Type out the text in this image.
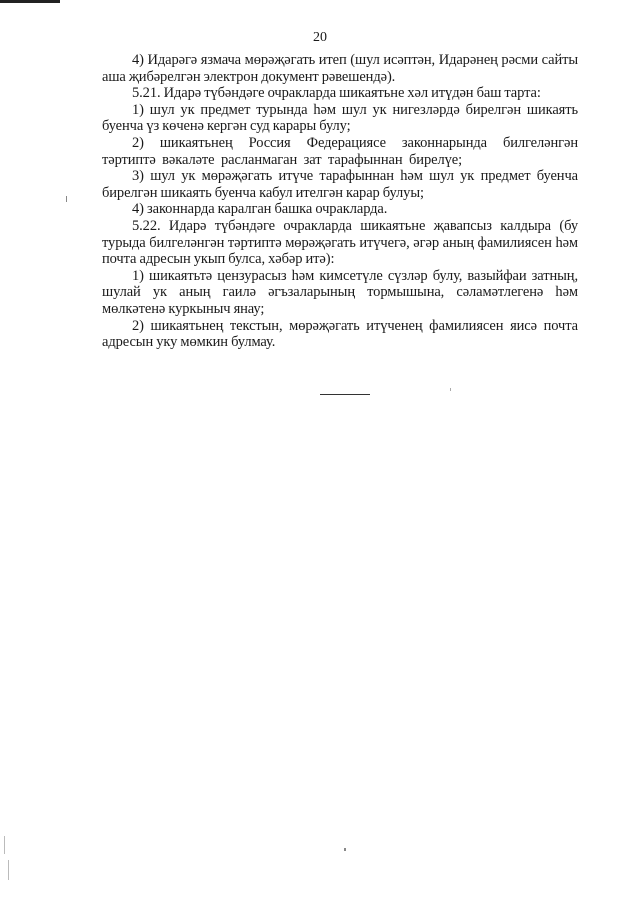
20

4) Идарәгә язмача мөрәҗәгать итеп (шул исәптән, Идарәнең рәсми сайты аша җибәрелгән электрон документ рәвешендә).

5.21. Идарә түбәндәге очракларда шикаятьне хәл итүдән баш тарта:

1) шул ук предмет турында һәм шул ук нигезләрдә бирелгән шикаять буенча үз көченә кергән суд карары булу;

2) шикаятьнең Россия Федерациясе законнарында билгеләнгән тәртиптә вәкаләте расланмаган зат тарафыннан бирелүе;

3) шул ук мөрәҗәгать итүче тарафыннан һәм шул ук предмет буенча бирелгән шикаять буенча кабул ителгән карар булуы;

4) законнарда каралган башка очракларда.

5.22. Идарә түбәндәге очракларда шикаятьне җавапсыз калдыра (бу турыда билгеләнгән тәртиптә мөрәҗәгать итүчегә, әгәр аның фамилиясен һәм почта адресын укып булса, хәбәр итә):

1) шикаятьтә цензурасыз һәм кимсетүле сүзләр булу, вазыйфаи затның, шулай ук аның гаилә әгъзаларының тормышына, сәламәтлегенә һәм мөлкәтенә куркыныч янау;

2) шикаятьнең текстын, мөрәҗәгать итүченең фамилиясен яисә почта адресын уку мөмкин булмау.
